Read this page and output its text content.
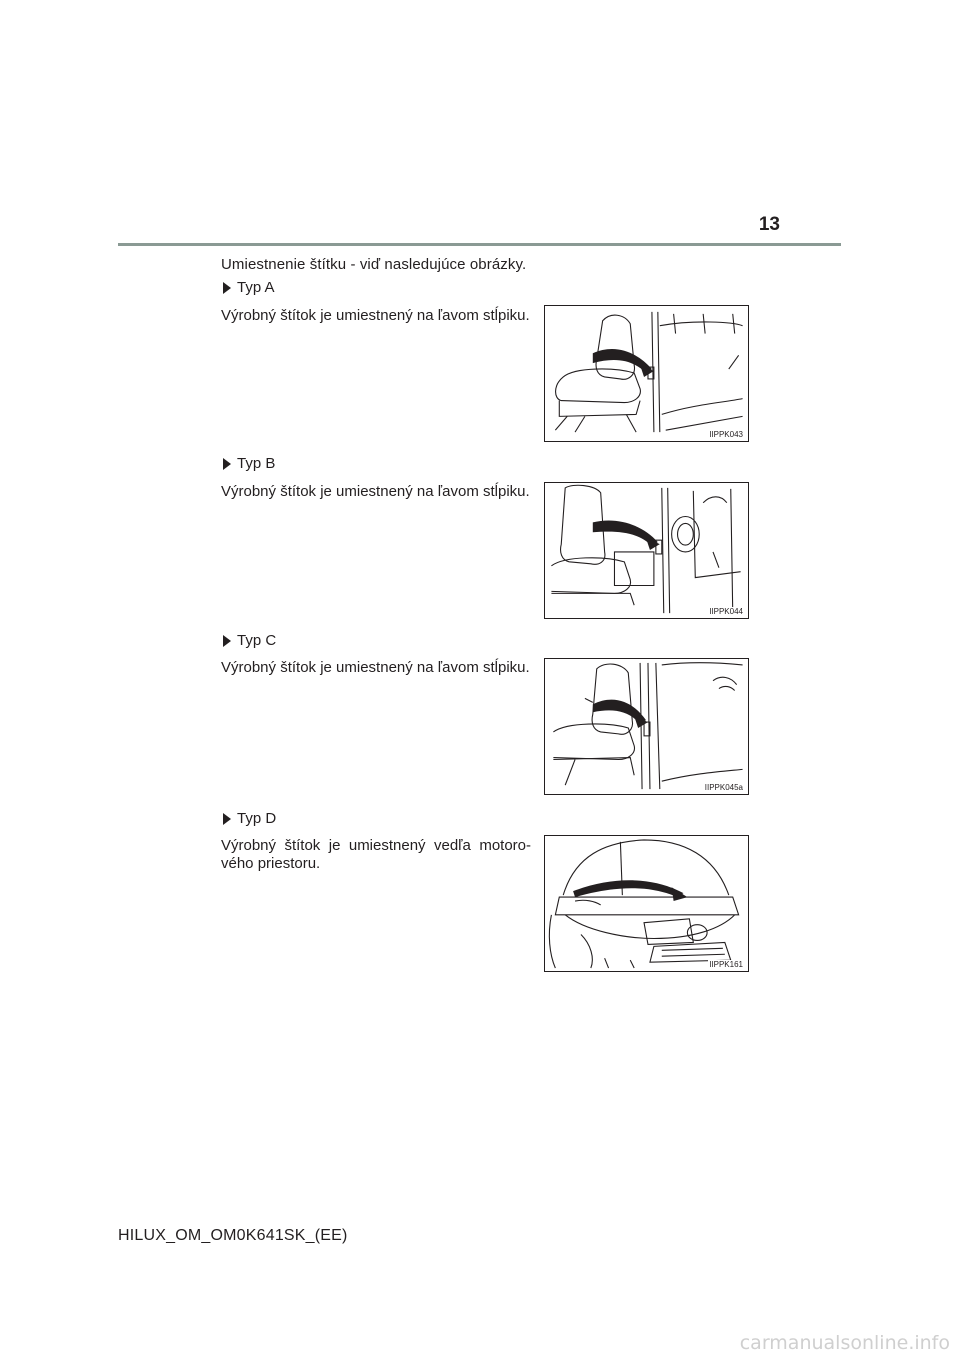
13
Umiestnenie štítku - viď nasledujúce obrázky.
Typ A
Výrobný štítok je umiestnený na ľavom stĺpiku.
IIPPK043
Typ B
Výrobný štítok je umiestnený na ľavom stĺpiku.
IIPPK044
Typ C
Výrobný štítok je umiestnený na ľavom stĺpiku.
IIPPK045a
Typ D
Výrobný štítok je umiestnený vedľa motoro-vého priestoru.
IIPPK161
HILUX_OM_OM0K641SK_(EE)
carmanualsonline.info
